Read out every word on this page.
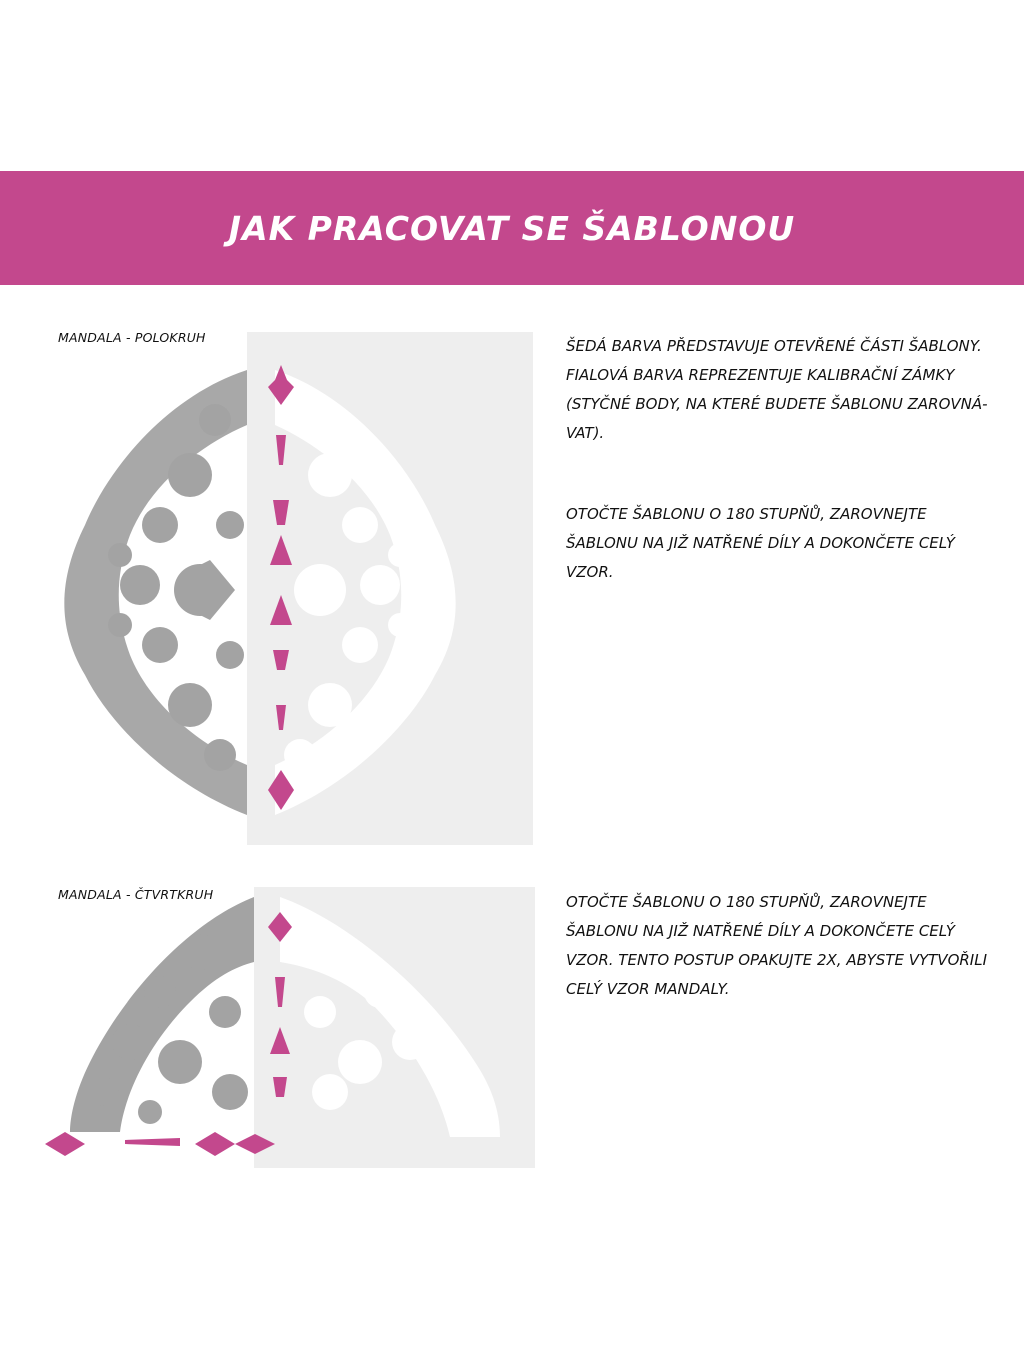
JAK PRACOVAT SE ŠABLONOU
MANDALA - POLOKRUH	ŠEDÁ BARVA PŘEDSTAVUJE OTEVŘENÉ ČÁSTI ŠABLONY. FIALOVÁ BARVA REPREZENTUJE KALIBRAČNÍ ZÁMKY (STYČNÉ BODY, NA KTERÉ BUDETE ŠABLONU ZAROVNÁ-VAT).

OTOČTE ŠABLONU O 180 STUPŇŮ, ZAROVNEJTE ŠABLONU NA JIŽ NATŘENÉ DÍLY A DOKONČETE CELÝ VZOR.

MANDALA - ČTVRTKRUH	OTOČTE ŠABLONU O 180 STUPŇŮ, ZAROVNEJTE ŠABLONU NA JIŽ NATŘENÉ DÍLY A DOKONČETE CELÝ VZOR. TENTO POSTUP OPAKUJTE 2X, ABYSTE VYTVOŘILI CELÝ VZOR MANDALY.
